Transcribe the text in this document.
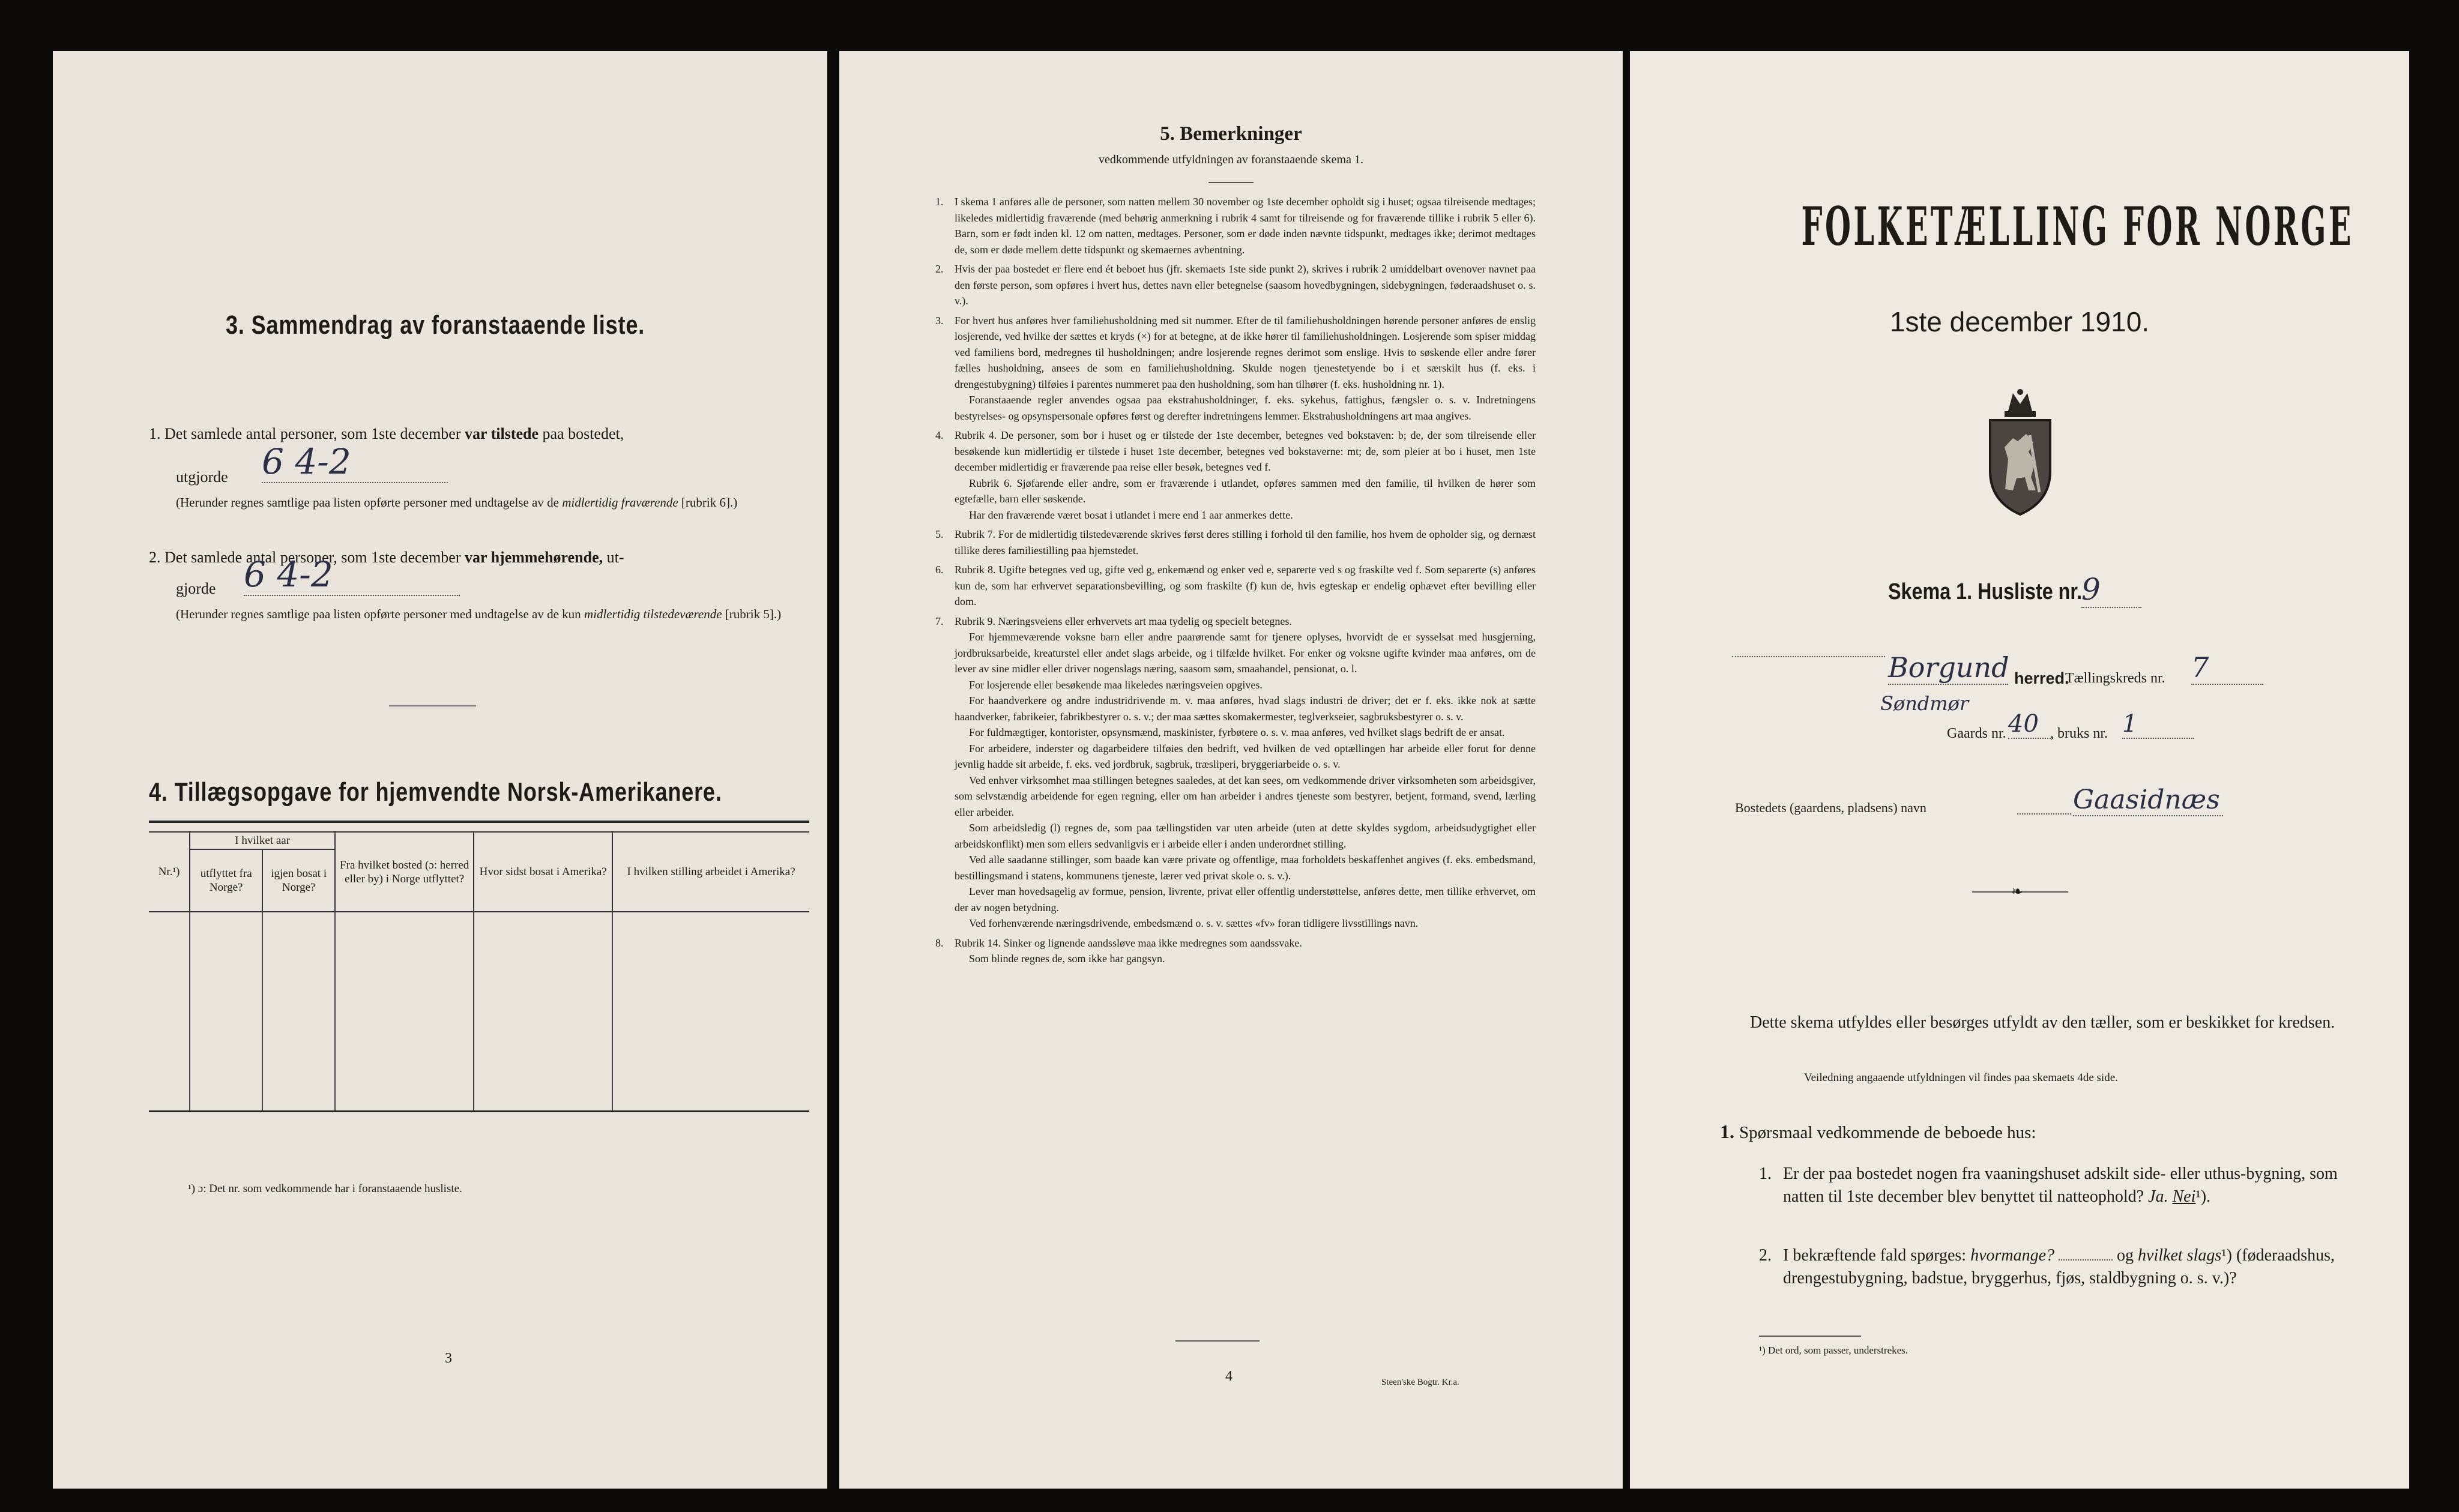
3. Sammendrag av foranstaaende liste.
1. Det samlede antal personer, som 1ste december var tilstede paa bostedet,
utgjorde 6 4-2
(Herunder regnes samtlige paa listen opførte personer med undtagelse av de midlertidig fraværende [rubrik 6].)
2. Det samlede antal personer, som 1ste december var hjemmehørende, ut-
gjorde 6 4-2
(Herunder regnes samtlige paa listen opførte personer med undtagelse av de kun midlertidig tilstedeværende [rubrik 5].)
4. Tillægsopgave for hjemvendte Norsk-Amerikanere.
Nr.¹)	I hvilket aar		Fra hvilket bosted (ɔ: herred eller by) i Norge utflyttet?	Hvor sidst bosat i Amerika?	I hvilken stilling arbeidet i Amerika?
	utflyttet fra Norge?	igjen bosat i Norge?			

¹) ɔ: Det nr. som vedkommende har i foranstaaende husliste.
3
5. Bemerkninger
vedkommende utfyldningen av foranstaaende skema 1.
1.	I skema 1 anføres alle de personer, som natten mellem 30 november og 1ste december opholdt sig i huset; ogsaa tilreisende medtages; likeledes midlertidig fraværende (med behørig anmerkning i rubrik 4 samt for tilreisende og for fraværende tillike i rubrik 5 eller 6). Barn, som er født inden kl. 12 om natten, medtages. Personer, som er døde inden nævnte tidspunkt, medtages ikke; derimot medtages de, som er døde mellem dette tidspunkt og skemaernes avhentning.

2.	Hvis der paa bostedet er flere end ét beboet hus (jfr. skemaets 1ste side punkt 2), skrives i rubrik 2 umiddelbart ovenover navnet paa den første person, som opføres i hvert hus, dettes navn eller betegnelse (saasom hovedbygningen, sidebygningen, føderaadshuset o. s. v.).

3.	For hvert hus anføres hver familiehusholdning med sit nummer. Efter de til familiehusholdningen hørende personer anføres de enslig losjerende, ved hvilke der sættes et kryds (×) for at betegne, at de ikke hører til familiehusholdningen. Losjerende som spiser middag ved familiens bord, medregnes til husholdningen; andre losjerende regnes derimot som enslige. Hvis to søskende eller andre fører fælles husholdning, ansees de som en familiehusholdning. Skulde nogen tjenestetyende bo i et særskilt hus (f. eks. i drengestubygning) tilføies i parentes nummeret paa den husholdning, som han tilhører (f. eks. husholdning nr. 1).

Foranstaaende regler anvendes ogsaa paa ekstrahusholdninger, f. eks. sykehus, fattighus, fængsler o. s. v. Indretningens bestyrelses- og opsynspersonale opføres først og derefter indretningens lemmer. Ekstrahusholdningens art maa angives.

4.	Rubrik 4. De personer, som bor i huset og er tilstede der 1ste december, betegnes ved bokstaven: b; de, der som tilreisende eller besøkende kun midlertidig er tilstede i huset 1ste december, betegnes ved bokstaverne: mt; de, som pleier at bo i huset, men 1ste december midlertidig er fraværende paa reise eller besøk, betegnes ved f.

Rubrik 6. Sjøfarende eller andre, som er fraværende i utlandet, opføres sammen med den familie, til hvilken de hører som egtefælle, barn eller søskende.

Har den fraværende været bosat i utlandet i mere end 1 aar anmerkes dette.

5.	Rubrik 7. For de midlertidig tilstedeværende skrives først deres stilling i forhold til den familie, hos hvem de opholder sig, og dernæst tillike deres familiestilling paa hjemstedet.

6.	Rubrik 8. Ugifte betegnes ved ug, gifte ved g, enkemænd og enker ved e, separerte ved s og fraskilte ved f. Som separerte (s) anføres kun de, som har erhvervet separationsbevilling, og som fraskilte (f) kun de, hvis egteskap er endelig ophævet efter bevilling eller dom.

7.	Rubrik 9. Næringsveiens eller erhvervets art maa tydelig og specielt betegnes.

For hjemmeværende voksne barn eller andre paarørende samt for tjenere oplyses, hvorvidt de er sysselsat med husgjerning, jordbruksarbeide, kreaturstel eller andet slags arbeide, og i tilfælde hvilket. For enker og voksne ugifte kvinder maa anføres, om de lever av sine midler eller driver nogenslags næring, saasom søm, smaahandel, pensionat, o. l.

For losjerende eller besøkende maa likeledes næringsveien opgives.

For haandverkere og andre industridrivende m. v. maa anføres, hvad slags industri de driver; det er f. eks. ikke nok at sætte haandverker, fabrikeier, fabrikbestyrer o. s. v.; der maa sættes skomakermester, teglverkseier, sagbruksbestyrer o. s. v.

For fuldmægtiger, kontorister, opsynsmænd, maskinister, fyrbøtere o. s. v. maa anføres, ved hvilket slags bedrift de er ansat.

For arbeidere, inderster og dagarbeidere tilføies den bedrift, ved hvilken de ved optællingen har arbeide eller forut for denne jevnlig hadde sit arbeide, f. eks. ved jordbruk, sagbruk, træsliperi, bryggeriarbeide o. s. v.

Ved enhver virksomhet maa stillingen betegnes saaledes, at det kan sees, om vedkommende driver virksomheten som arbeidsgiver, som selvstændig arbeidende for egen regning, eller om han arbeider i andres tjeneste som bestyrer, betjent, formand, svend, lærling eller arbeider.

Som arbeidsledig (l) regnes de, som paa tællingstiden var uten arbeide (uten at dette skyldes sygdom, arbeidsudygtighet eller arbeidskonflikt) men som ellers sedvanligvis er i arbeide eller i anden underordnet stilling.

Ved alle saadanne stillinger, som baade kan være private og offentlige, maa forholdets beskaffenhet angives (f. eks. embedsmand, bestillingsmand i statens, kommunens tjeneste, lærer ved privat skole o. s. v.).

Lever man hovedsagelig av formue, pension, livrente, privat eller offentlig understøttelse, anføres dette, men tillike erhvervet, om der av nogen betydning.

Ved forhenværende næringsdrivende, embedsmænd o. s. v. sættes «fv» foran tidligere livsstillings navn.

8.	Rubrik 14. Sinker og lignende aandssløve maa ikke medregnes som aandssvake.

Som blinde regnes de, som ikke har gangsyn.

4	Steen'ske Bogtr. Kr.a.
FOLKETÆLLING FOR NORGE
1ste december 1910.
Skema 1. Husliste nr.
9
Borgund herred.
Tællingskreds nr. 7
Søndmør
Gaards nr. 40 , bruks nr. 1
Bostedets (gaardens, pladsens) navn	Gaasidnæs
❧
Dette skema utfyldes eller besørges utfyldt av den tæller, som er beskikket for kredsen.
Veiledning angaaende utfyldningen vil findes paa skemaets 4de side.
1. Spørsmaal vedkommende de beboede hus:
1. Er der paa bostedet nogen fra vaaningshuset adskilt side- eller uthus-bygning, som natten til 1ste december blev benyttet til natteophold? Ja. Nei¹).
2. I bekræftende fald spørges: hvormange?	og hvilket slags¹) (føderaadshus, drengestubygning, badstue, bryggerhus, fjøs, staldbygning o. s. v.)?
¹) Det ord, som passer, understrekes.
